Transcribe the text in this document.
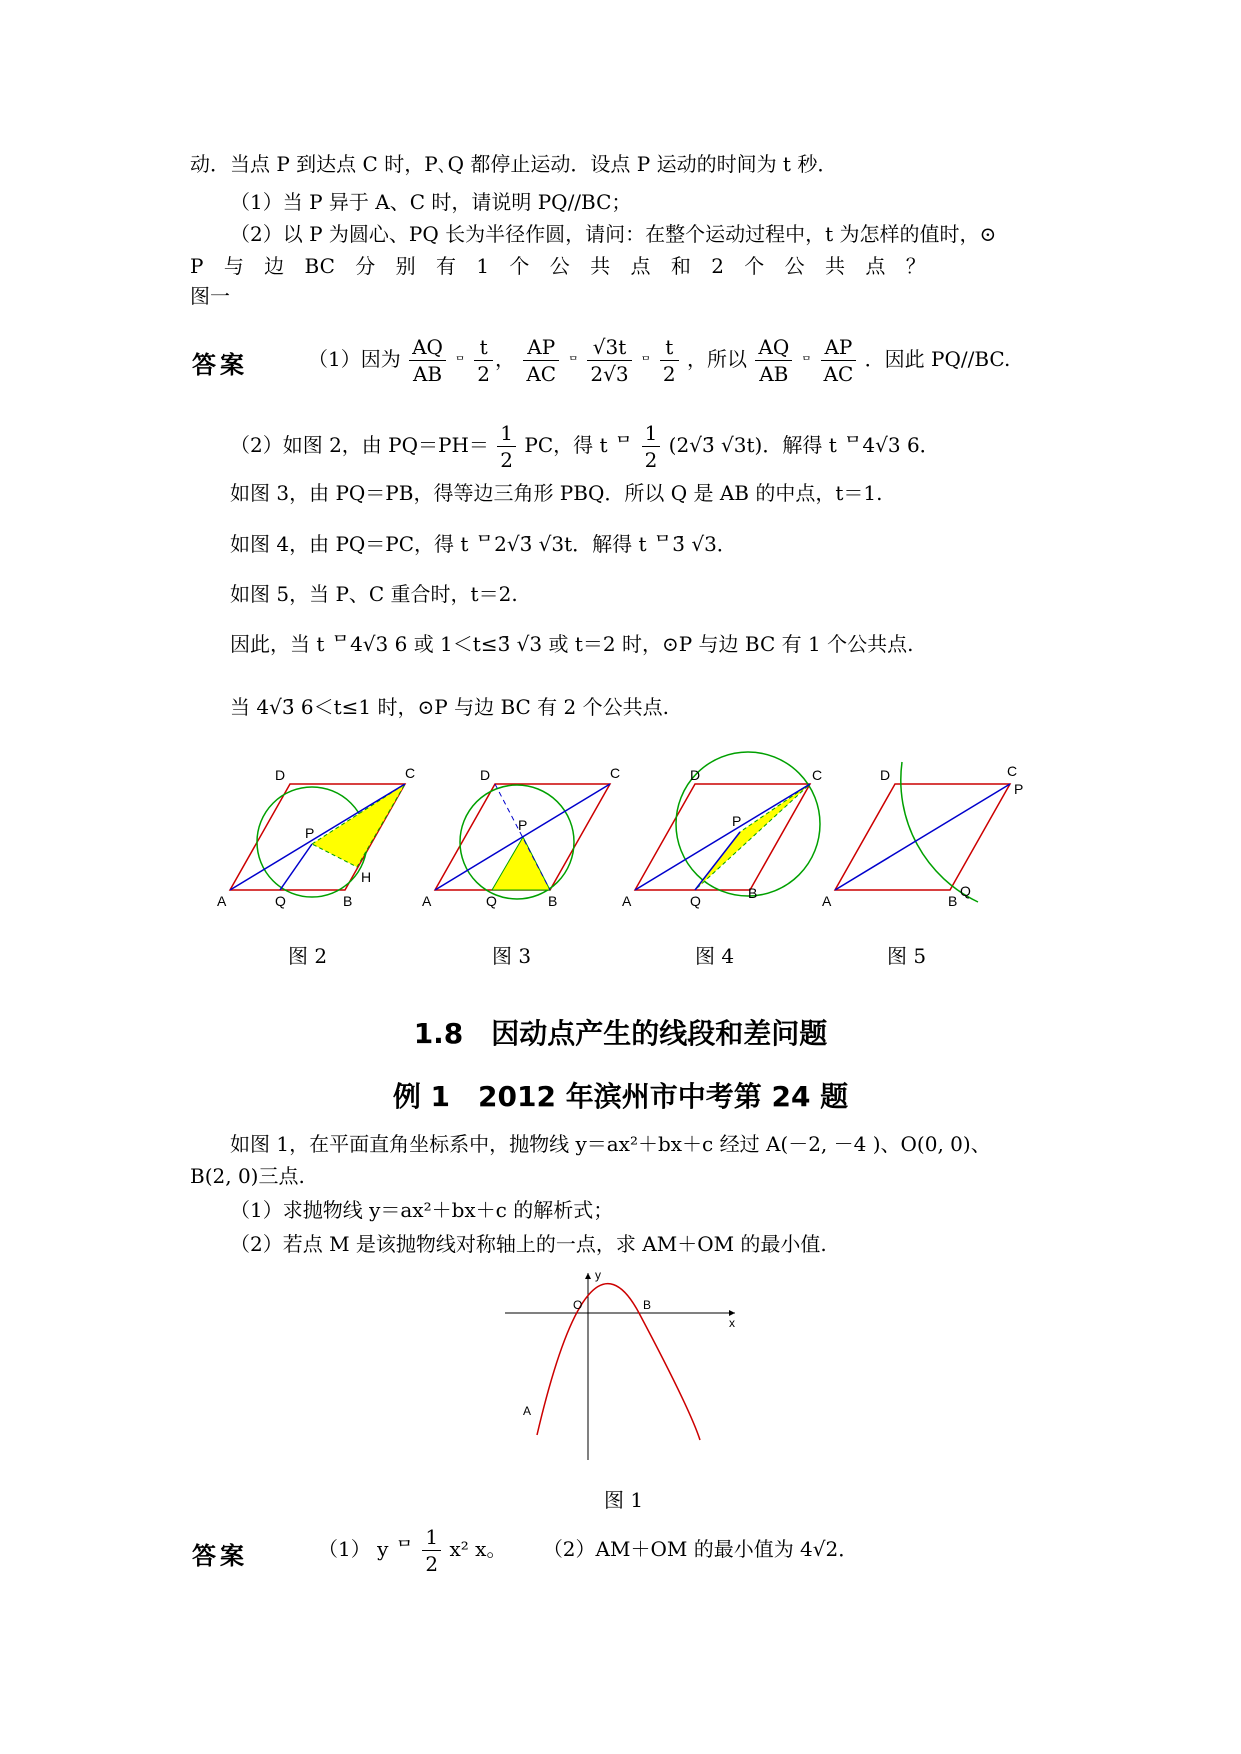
动．当点 P 到达点 C 时，P､Q 都停止运动．设点 P 运动的时间为 t 秒．
（1）当 P 异于 A、C 时，请说明 PQ//BC；
（2）以 P 为圆心、PQ 长为半径作圆，请问：在整个运动过程中，t 为怎样的值时，⊙
P 与 边 BC 分 别 有 1 个 公 共 点 和 2 个 公 共 点 ？
图一
答案	（1）因为 $\frac{AQ}{AB}$ ᄆ $\frac{t}{2}$ ， $\frac{AP}{AC}$ ᄆ $\frac{√3t}{2√3}$ ᄆ $\frac{t}{2}$ ，所以 $\frac{AQ}{AB}$ ᄆ $\frac{AP}{AC}$ ．因此 PQ//BC.
（2）如图 2，由 $PQ=PH= \frac{1}{2}$ PC，得 t ᄆ $\frac{1}{2}$ (2√3̄ √3t)．解得 t ᄆ4√3 6．
如图 3，由 PQ＝PB，得等边三角形 PBQ．所以 Q 是 AB 的中点，t＝1.
如图 4，由 PQ＝PC，得 t ᄆ2√3̄ √3t．解得 t ᄆ3̄ √3．
如图 5，当 P、C 重合时，t＝2.
因此，当 t ᄆ4√3 6 或 1＜t≤3̄ √3 或 t＝2 时，⊙P 与边 BC 有 1 个公共点.
当 4√3̄ 6＜t≤1 时，⊙P 与边 BC 有 2 个公共点.
A	Q	B
D	C
P
H
A	Q	B
D	C
P
A	Q	B
D	C
P
A	B
Q
D	C
P
图 2	图 3	图 4	图 5
1.8　因动点产生的线段和差问题
例 1　2012 年滨州市中考第 24 题
如图 1，在平面直角坐标系中，抛物线 y＝ax²＋bx＋c 经过 A(－2, －4 )、O(0, 0)、
B(2, 0)三点.
（1）求抛物线 y＝ax²＋bx＋c 的解析式；
（2）若点 M 是该抛物线对称轴上的一点，求 AM＋OM 的最小值.
y
x
O	B
A
图 1
答案	（1） y ᄆ $\frac{1}{2} x^2$ x。 （2）AM＋OM 的最小值为 4√2．
